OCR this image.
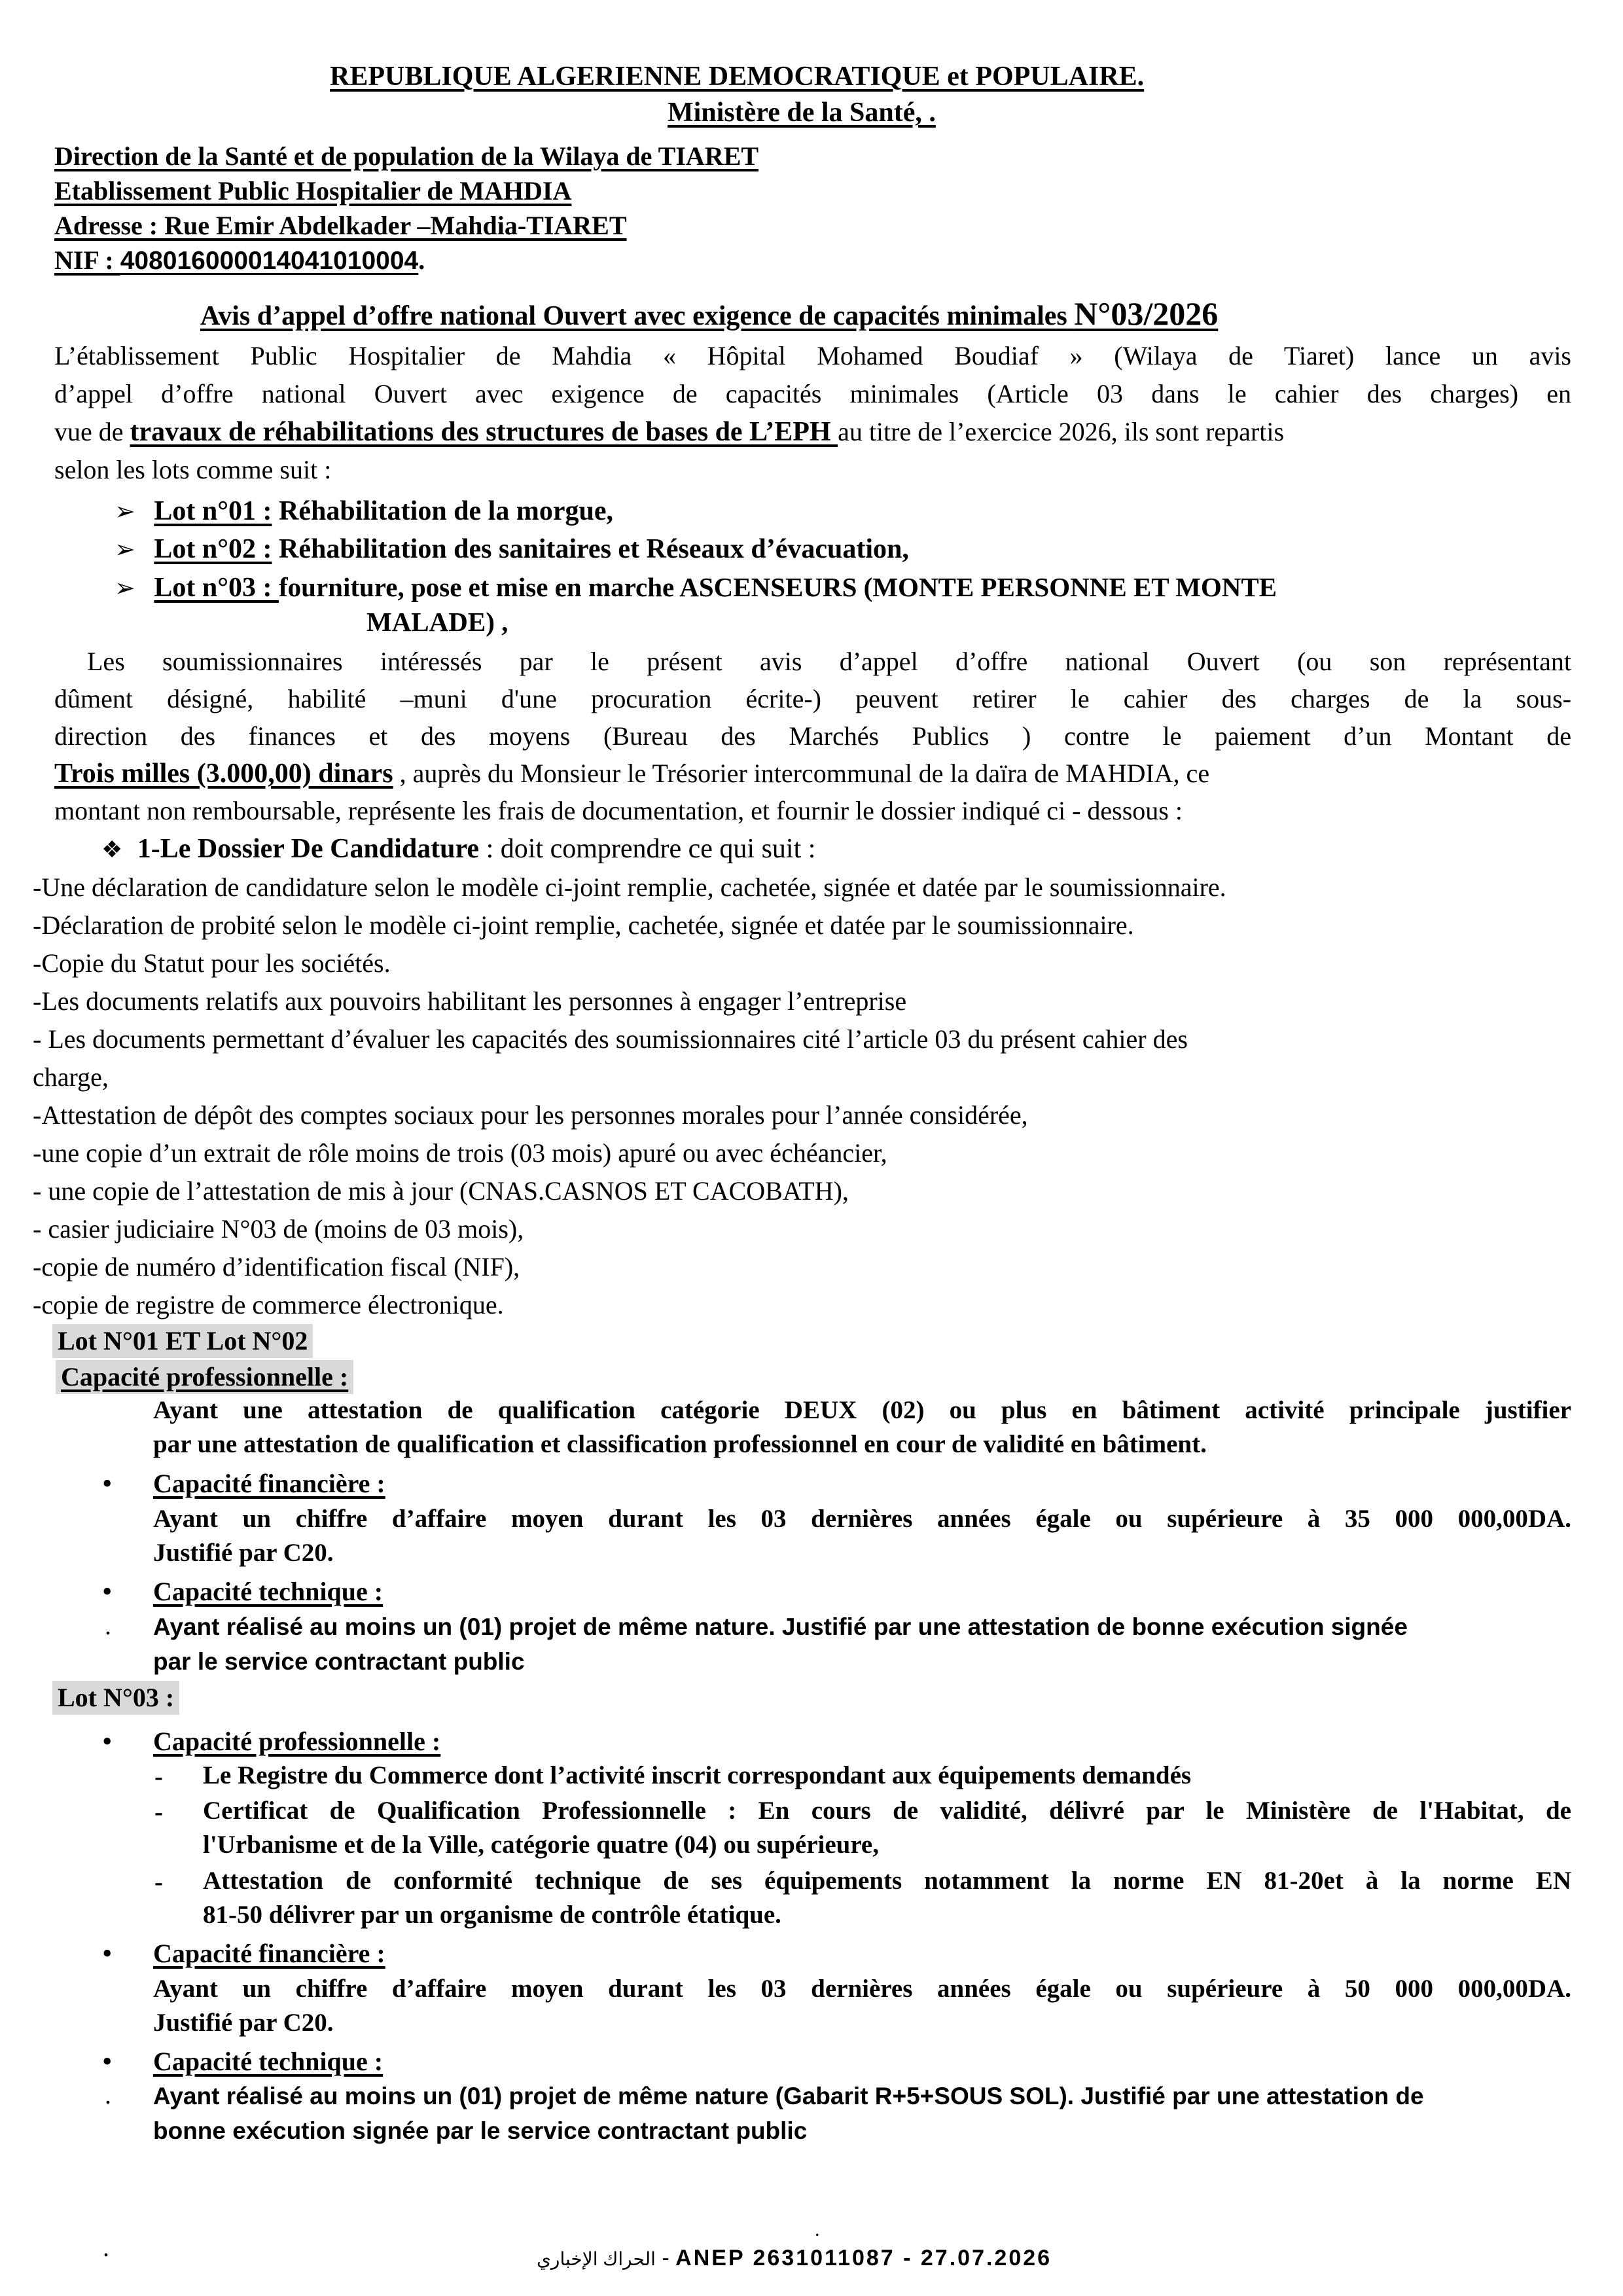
REPUBLIQUE ALGERIENNE DEMOCRATIQUE et POPULAIRE.
Ministère de la Santé, .
Direction de la Santé et de population de la Wilaya de TIARET
Etablissement Public Hospitalier de MAHDIA
Adresse : Rue Emir Abdelkader –Mahdia-TIARET
NIF : 408016000014041010004.
Avis d’appel d’offre national Ouvert avec exigence de capacités minimales N°03/2026
L’établissement Public Hospitalier de Mahdia « Hôpital Mohamed Boudiaf » (Wilaya de Tiaret) lance un avis
d’appel d’offre national Ouvert avec exigence de capacités minimales (Article 03 dans le cahier des charges) en
vue de travaux de réhabilitations des structures de bases de L’EPH au titre de l’exercice 2026, ils sont repartis
selon les lots comme suit :
➢ Lot n°01 : Réhabilitation de la morgue,
➢ Lot n°02 : Réhabilitation des sanitaires et Réseaux d’évacuation,
➢ Lot n°03 : fourniture, pose et mise en marche ASCENSEURS (MONTE PERSONNE ET MONTE
MALADE) ,
Les soumissionnaires intéressés par le présent avis d’appel d’offre national Ouvert (ou son représentant
dûment désigné, habilité –muni d'une procuration écrite-) peuvent retirer le cahier des charges de la sous-
direction des finances et des moyens (Bureau des Marchés Publics ) contre le paiement d’un Montant de
Trois milles (3.000,00) dinars , auprès du Monsieur le Trésorier intercommunal de la daïra de MAHDIA, ce
montant non remboursable, représente les frais de documentation, et fournir le dossier indiqué ci - dessous :
❖ 1-Le Dossier De Candidature : doit comprendre ce qui suit :
-Une déclaration de candidature selon le modèle ci-joint remplie, cachetée, signée et datée par le soumissionnaire.
-Déclaration de probité selon le modèle ci-joint remplie, cachetée, signée et datée par le soumissionnaire.
-Copie du Statut pour les sociétés.
-Les documents relatifs aux pouvoirs habilitant les personnes à engager l’entreprise
- Les documents permettant d’évaluer les capacités des soumissionnaires cité l’article 03 du présent cahier des
charge,
-Attestation de dépôt des comptes sociaux pour les personnes morales pour l’année considérée,
-une copie d’un extrait de rôle moins de trois (03 mois) apuré ou avec échéancier,
- une copie de l’attestation de mis à jour (CNAS.CASNOS ET CACOBATH),
- casier judiciaire N°03 de (moins de 03 mois),
-copie de numéro d’identification fiscal (NIF),
-copie de registre de commerce électronique.
Lot N°01 ET Lot N°02
Capacité professionnelle :
Ayant une attestation de qualification catégorie DEUX (02) ou plus en bâtiment activité principale justifier
par une attestation de qualification et classification professionnel en cour de validité en bâtiment.
• Capacité financière :
Ayant un chiffre d’affaire moyen durant les 03 dernières années égale ou supérieure à 35 000 000,00DA.
Justifié par C20.
• Capacité technique :
. Ayant réalisé au moins un (01) projet de même nature. Justifié par une attestation de bonne exécution signée
par le service contractant public
Lot N°03 :
• Capacité professionnelle :
- Le Registre du Commerce dont l’activité inscrit correspondant aux équipements demandés
- Certificat de Qualification Professionnelle : En cours de validité, délivré par le Ministère de l'Habitat, de
l'Urbanisme et de la Ville, catégorie quatre (04) ou supérieure,
- Attestation de conformité technique de ses équipements notamment la norme EN 81-20et à la norme EN
81-50 délivrer par un organisme de contrôle étatique.
• Capacité financière :
Ayant un chiffre d’affaire moyen durant les 03 dernières années égale ou supérieure à 50 000 000,00DA.
Justifié par C20.
• Capacité technique :
. Ayant réalisé au moins un (01) projet de même nature (Gabarit R+5+SOUS SOL). Justifié par une attestation de
bonne exécution signée par le service contractant public
.
.
الحراك الإخباري - ANEP 2631011087 - 27.07.2026
